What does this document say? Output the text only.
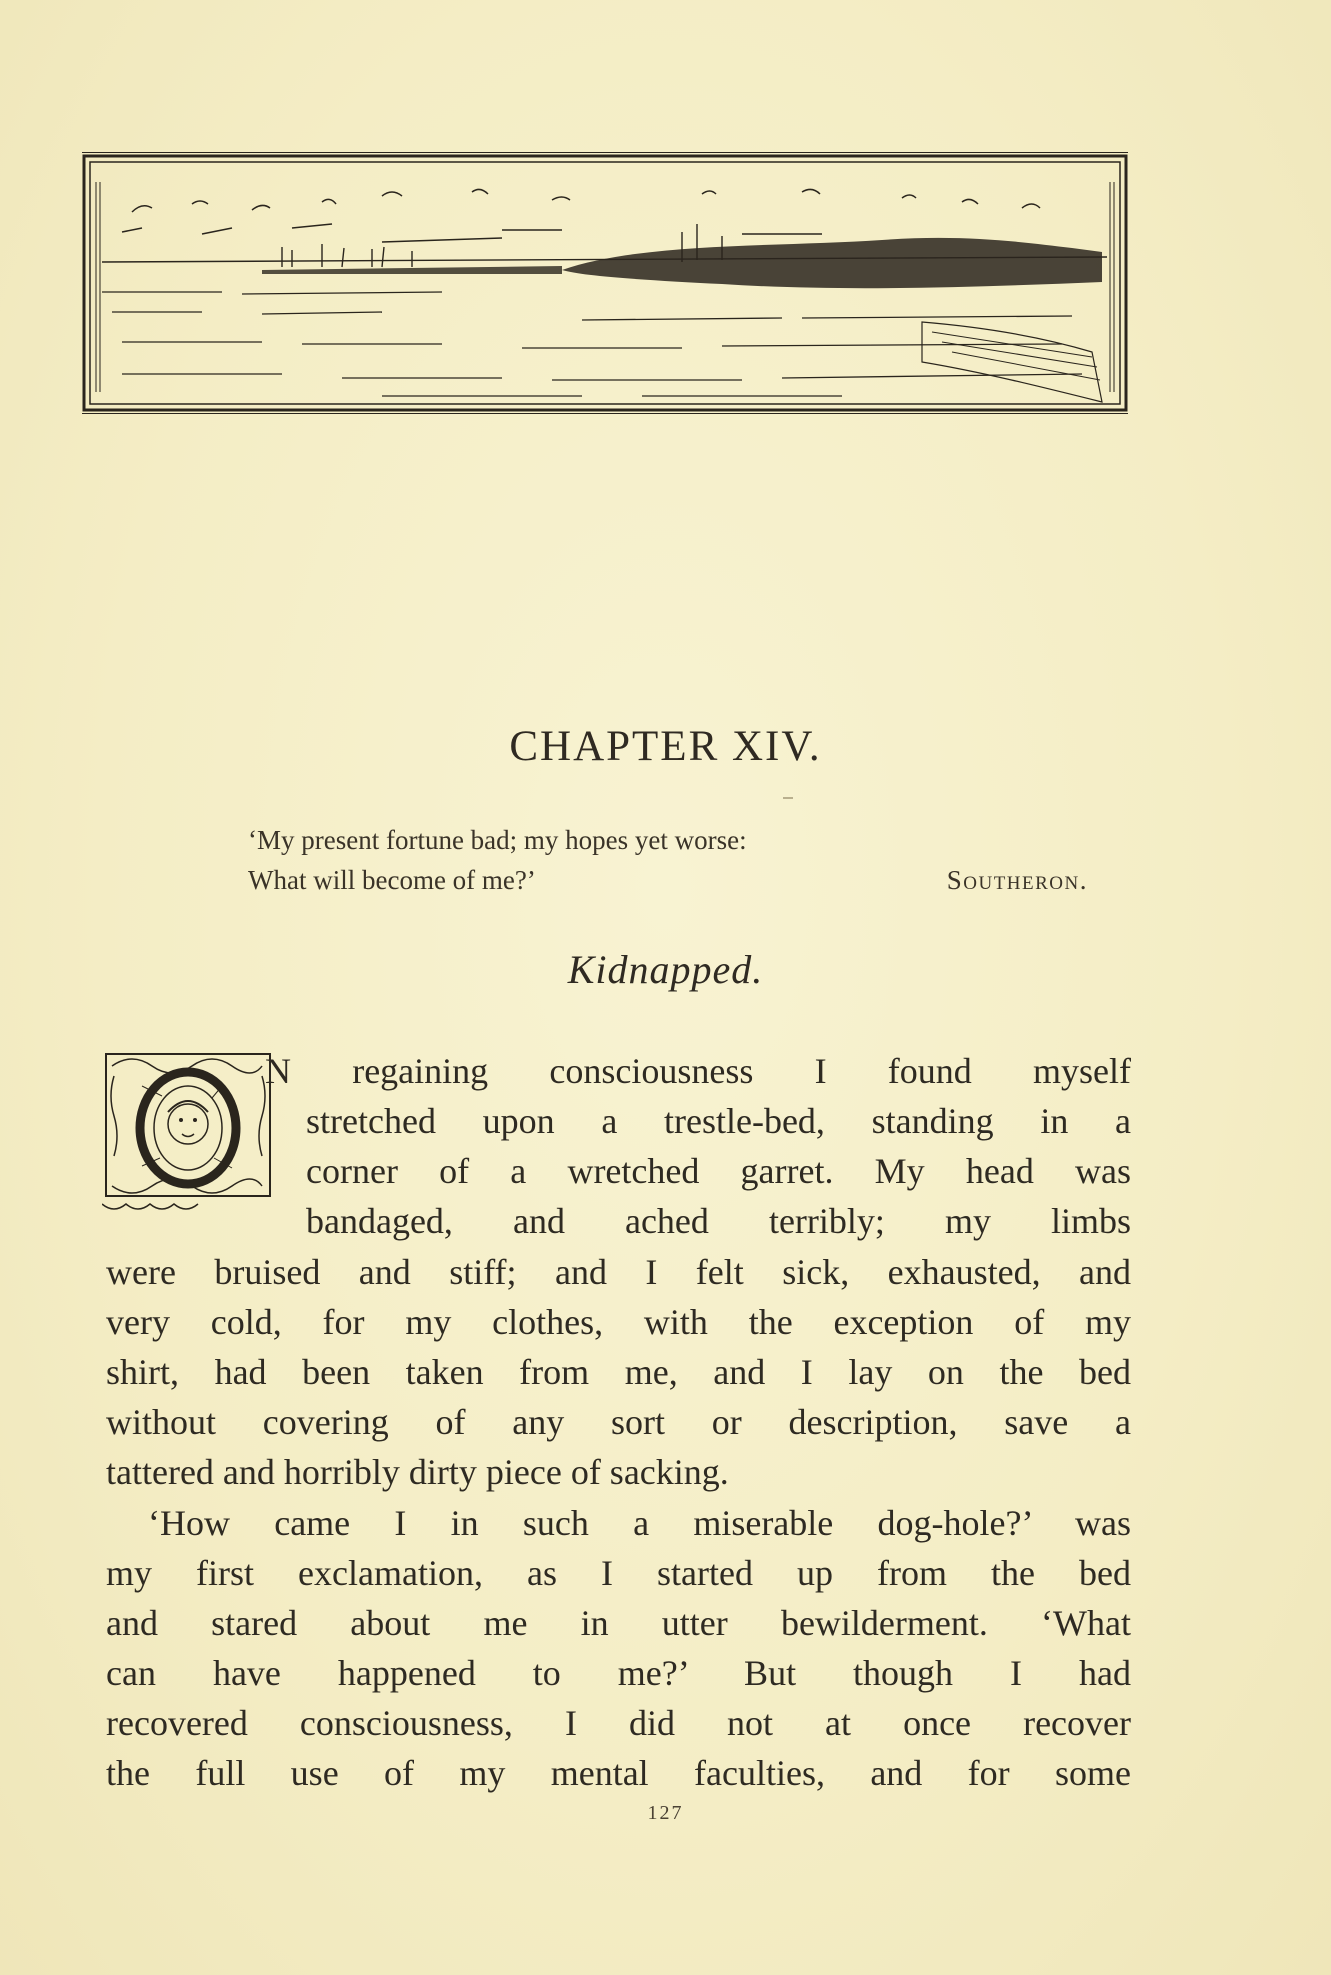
CHAPTER XIV.
‘My present fortune bad; my hopes yet worse:
What will become of me?’	Southeron.
Kidnapped.
N regaining consciousness I found myself
stretched upon a trestle-bed, standing in a
corner of a wretched garret. My head was
bandaged, and ached terribly; my limbs
were bruised and stiff; and I felt sick, exhausted, and
very cold, for my clothes, with the exception of my
shirt, had been taken from me, and I lay on the bed
without covering of any sort or description, save a
tattered and horribly dirty piece of sacking.
‘How came I in such a miserable dog-hole?’ was
my first exclamation, as I started up from the bed
and stared about me in utter bewilderment. ‘What
can have happened to me?’ But though I had
recovered consciousness, I did not at once recover
the full use of my mental faculties, and for some
127
